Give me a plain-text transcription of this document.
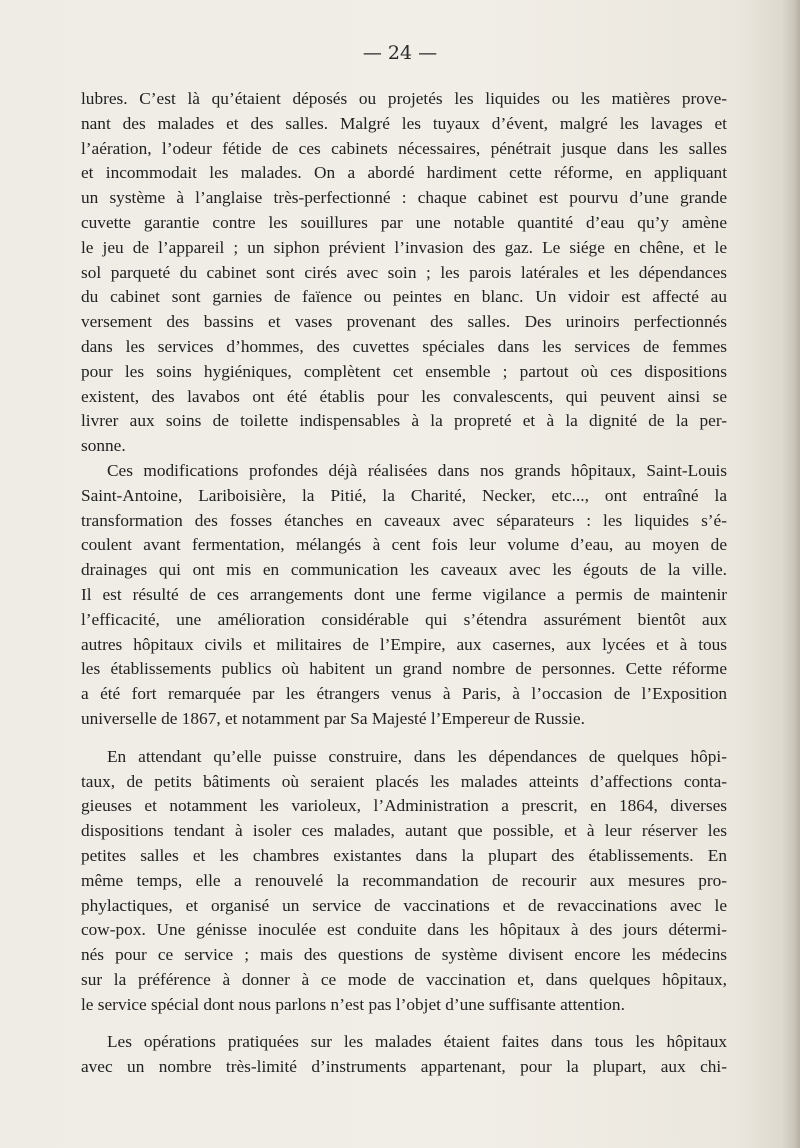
— 24 —

lubres. C’est là qu’étaient déposés ou projetés les liquides ou les matières prove-
nant des malades et des salles. Malgré les tuyaux d’évent, malgré les lavages et
l’aération, l’odeur fétide de ces cabinets nécessaires, pénétrait jusque dans les salles
et incommodait les malades. On a abordé hardiment cette réforme, en appliquant
un système à l’anglaise très-perfectionné : chaque cabinet est pourvu d’une grande
cuvette garantie contre les souillures par une notable quantité d’eau qu’y amène
le jeu de l’appareil ; un siphon prévient l’invasion des gaz. Le siége en chêne, et le
sol parqueté du cabinet sont cirés avec soin ; les parois latérales et les dépendances
du cabinet sont garnies de faïence ou peintes en blanc. Un vidoir est affecté au
versement des bassins et vases provenant des salles. Des urinoirs perfectionnés
dans les services d’hommes, des cuvettes spéciales dans les services de femmes
pour les soins hygiéniques, complètent cet ensemble ; partout où ces dispositions
existent, des lavabos ont été établis pour les convalescents, qui peuvent ainsi se
livrer aux soins de toilette indispensables à la propreté et à la dignité de la per-
sonne.
Ces modifications profondes déjà réalisées dans nos grands hôpitaux, Saint-Louis
Saint-Antoine, Lariboisière, la Pitié, la Charité, Necker, etc..., ont entraîné la
transformation des fosses étanches en caveaux avec séparateurs : les liquides s’é-
coulent avant fermentation, mélangés à cent fois leur volume d’eau, au moyen de
drainages qui ont mis en communication les caveaux avec les égouts de la ville.
Il est résulté de ces arrangements dont une ferme vigilance a permis de maintenir
l’efficacité, une amélioration considérable qui s’étendra assurément bientôt aux
autres hôpitaux civils et militaires de l’Empire, aux casernes, aux lycées et à tous
les établissements publics où habitent un grand nombre de personnes. Cette réforme
a été fort remarquée par les étrangers venus à Paris, à l’occasion de l’Exposition
universelle de 1867, et notamment par Sa Majesté l’Empereur de Russie.
En attendant qu’elle puisse construire, dans les dépendances de quelques hôpi-
taux, de petits bâtiments où seraient placés les malades atteints d’affections conta-
gieuses et notamment les varioleux, l’Administration a prescrit, en 1864, diverses
dispositions tendant à isoler ces malades, autant que possible, et à leur réserver les
petites salles et les chambres existantes dans la plupart des établissements. En
même temps, elle a renouvelé la recommandation de recourir aux mesures pro-
phylactiques, et organisé un service de vaccinations et de revaccinations avec le
cow-pox. Une génisse inoculée est conduite dans les hôpitaux à des jours détermi-
nés pour ce service ; mais des questions de système divisent encore les médecins
sur la préférence à donner à ce mode de vaccination et, dans quelques hôpitaux,
le service spécial dont nous parlons n’est pas l’objet d’une suffisante attention.
Les opérations pratiquées sur les malades étaient faites dans tous les hôpitaux
avec un nombre très-limité d’instruments appartenant, pour la plupart, aux chi-
